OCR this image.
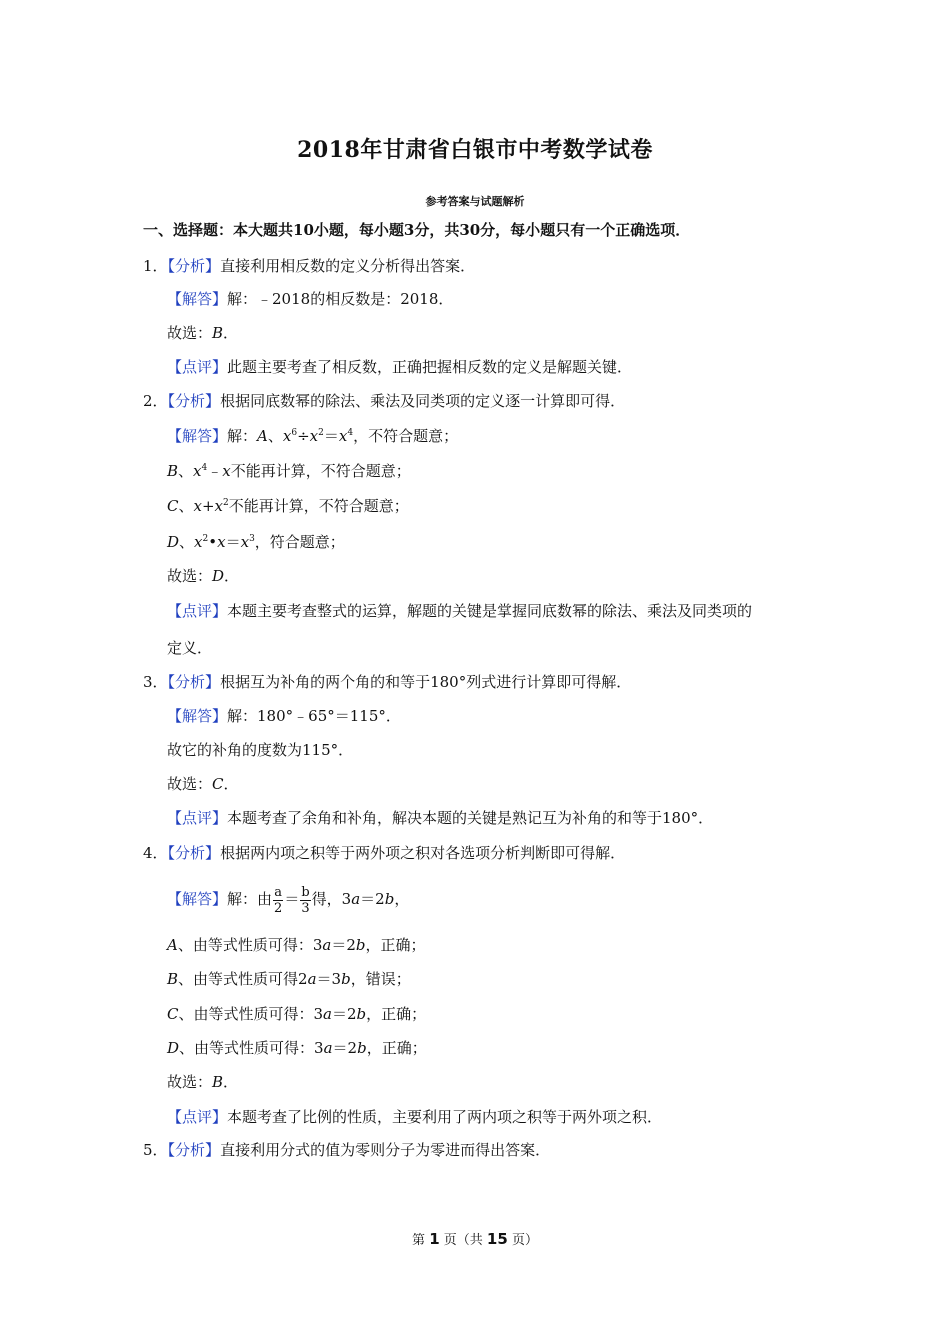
2018年甘肃省白银市中考数学试卷
参考答案与试题解析
一、选择题：本大题共10小题，每小题3分，共30分，每小题只有一个正确选项．
1．【分析】直接利用相反数的定义分析得出答案．
【解答】解：﹣2018的相反数是：2018．
故选：B．
【点评】此题主要考查了相反数，正确把握相反数的定义是解题关键．
2．【分析】根据同底数幂的除法、乘法及同类项的定义逐一计算即可得．
【解答】解：A、$x^6\div x^2=x^4$，不符合题意；
B、$x^4﹣x$不能再计算，不符合题意；
C、$x+x^2$不能再计算，不符合题意；
D、$x^2•x=x^3$，符合题意；
故选：D．
【点评】本题主要考查整式的运算，解题的关键是掌握同底数幂的除法、乘法及同类项的
定义．
3．【分析】根据互为补角的两个角的和等于180°列式进行计算即可得解．
【解答】解：180°﹣65°＝115°．
故它的补角的度数为115°．
故选：C．
【点评】本题考查了余角和补角，解决本题的关键是熟记互为补角的和等于180°．
4．【分析】根据两内项之积等于两外项之积对各选项分析判断即可得解．
【解答】解：由 $\frac{a}{2} = \frac{b}{3}$ 得，3a＝2b，
A、由等式性质可得：3a＝2b，正确；
B、由等式性质可得2a＝3b，错误；
C、由等式性质可得：3a＝2b，正确；
D、由等式性质可得：3a＝2b，正确；
故选：B．
【点评】本题考查了比例的性质，主要利用了两内项之积等于两外项之积．
5．【分析】直接利用分式的值为零则分子为零进而得出答案．
第 1 页（共 15 页）
